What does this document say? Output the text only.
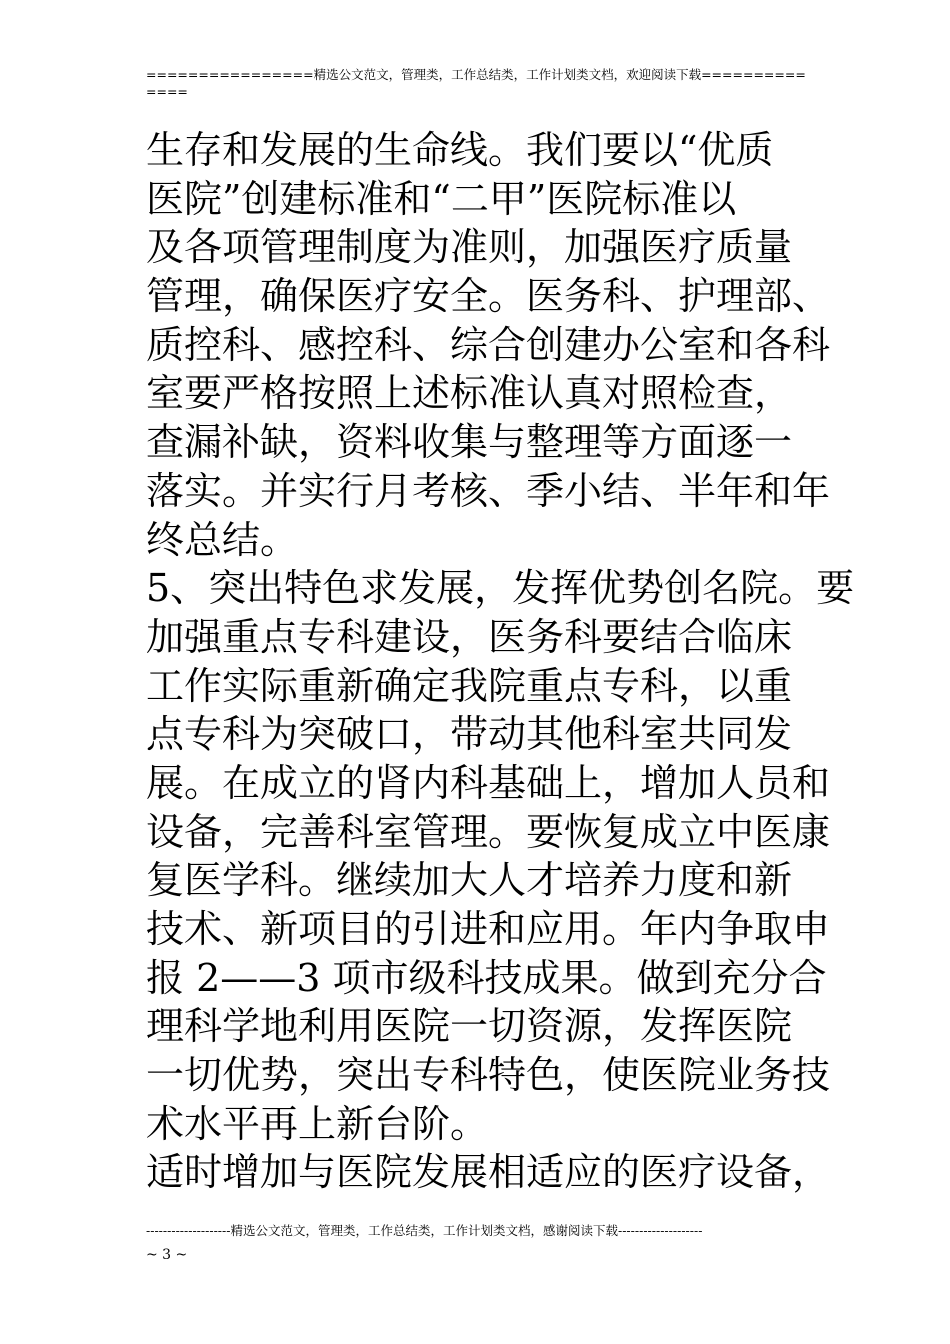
================精选公文范文，管理类，工作总结类，工作计划类文档，欢迎阅读下载==============
生存和发展的生命线。我们要以“优质
医院”创建标准和“二甲”医院标准以
及各项管理制度为准则，加强医疗质量
管理，确保医疗安全。医务科、护理部、
质控科、感控科、综合创建办公室和各科
室要严格按照上述标准认真对照检查，
查漏补缺，资料收集与整理等方面逐一
落实。并实行月考核、季小结、半年和年
终总结。
5、突出特色求发展，发挥优势创名院。要
加强重点专科建设，医务科要结合临床
工作实际重新确定我院重点专科，以重
点专科为突破口，带动其他科室共同发
展。在成立的肾内科基础上，增加人员和
设备，完善科室管理。要恢复成立中医康
复医学科。继续加大人才培养力度和新
技术、新项目的引进和应用。年内争取申
报 2——3 项市级科技成果。做到充分合
理科学地利用医院一切资源，发挥医院
一切优势，突出专科特色，使医院业务技
术水平再上新台阶。
适时增加与医院发展相适应的医疗设备，
--------------------精选公文范文，管理类，工作总结类，工作计划类文档，感谢阅读下载--------------------
~ 3 ~
